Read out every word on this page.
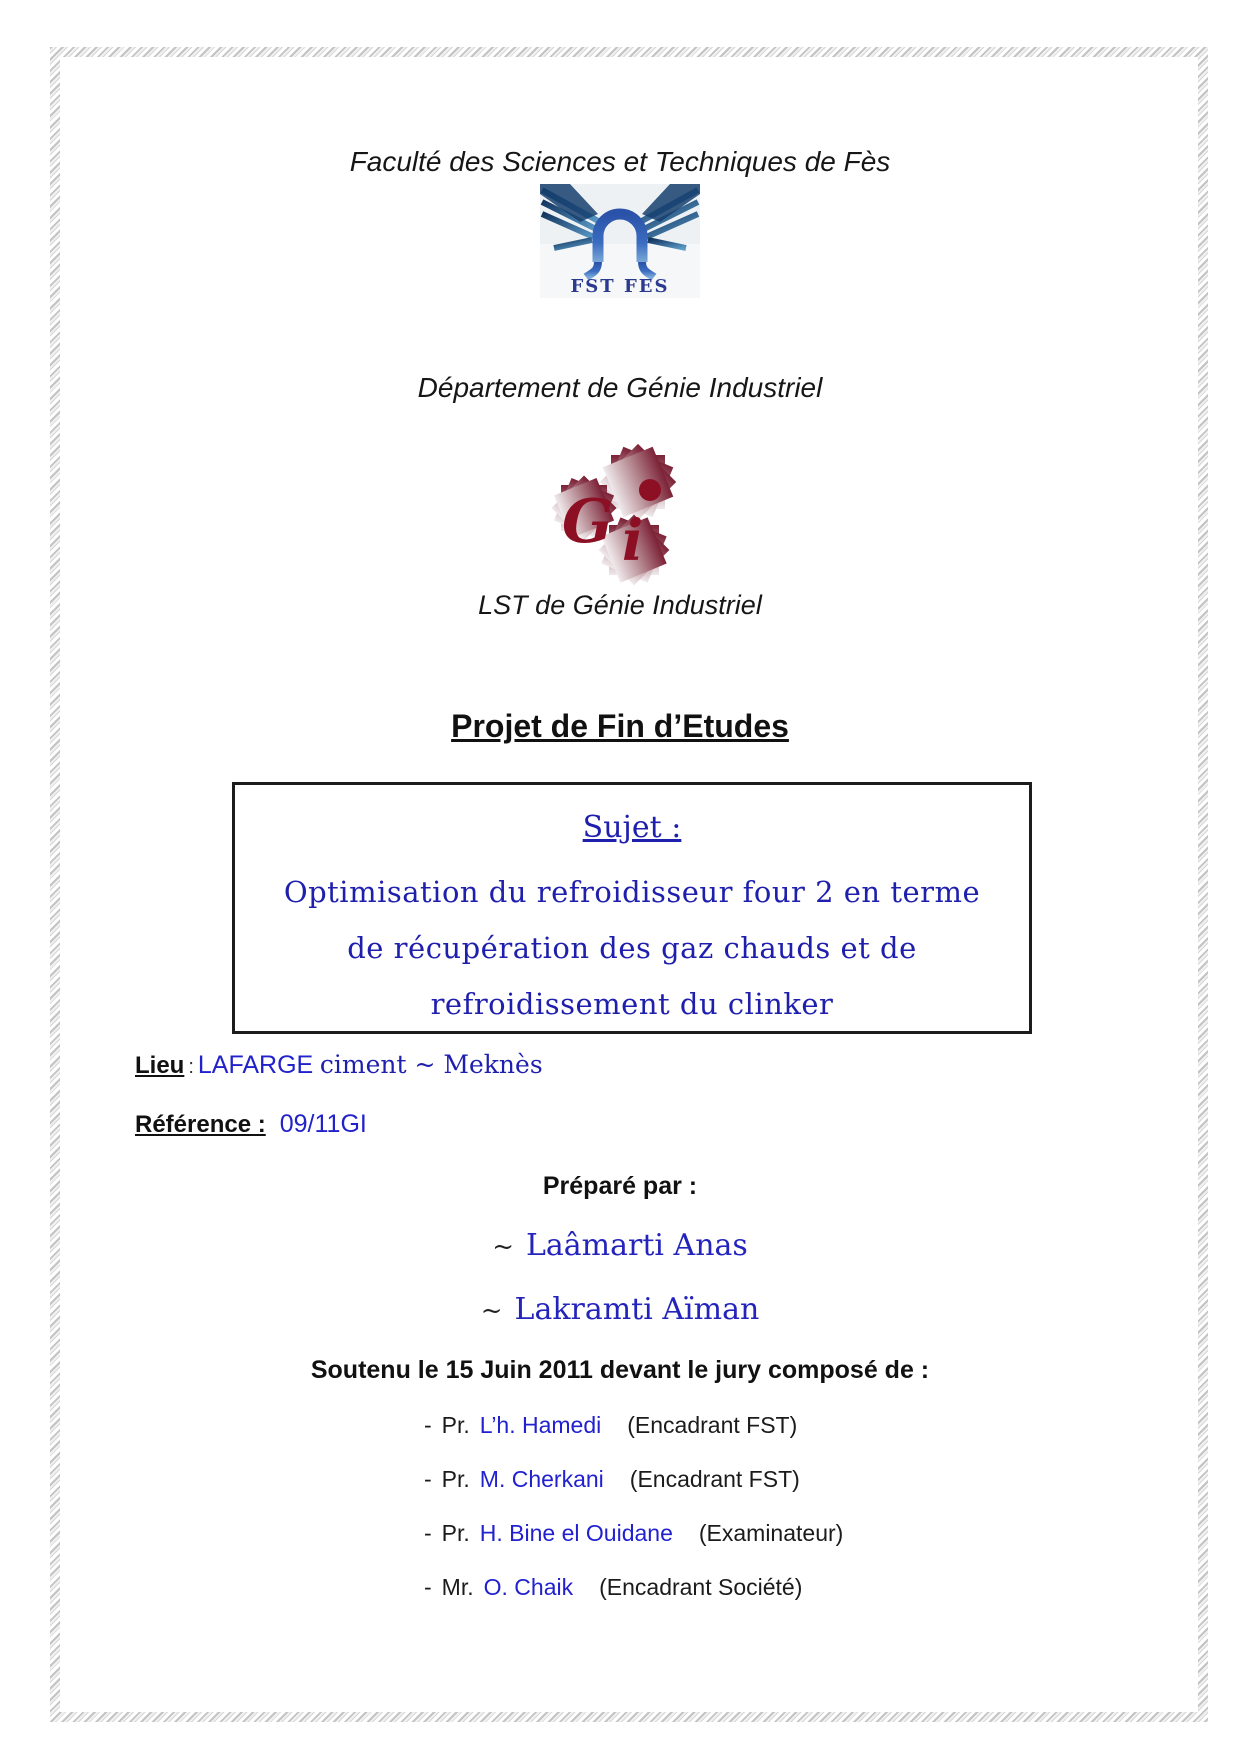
Faculté des Sciences et Techniques de Fès
FST FES
Département de Génie Industriel
G i
LST de Génie Industriel
Projet de Fin d’Etudes
Sujet :
Optimisation du refroidisseur four 2 en terme
de récupération des gaz chauds et de
refroidissement du clinker
Lieu : LAFARGE ciment ~ Meknès
Référence : 09/11GI
Préparé par :
~ Laâmarti Anas
~ Lakramti Aïman
Soutenu le 15 Juin 2011 devant le jury composé de :
- Pr. L’h. Hamedi (Encadrant FST)
- Pr. M. Cherkani (Encadrant FST)
- Pr. H. Bine el Ouidane (Examinateur)
- Mr. O. Chaik (Encadrant Société)
